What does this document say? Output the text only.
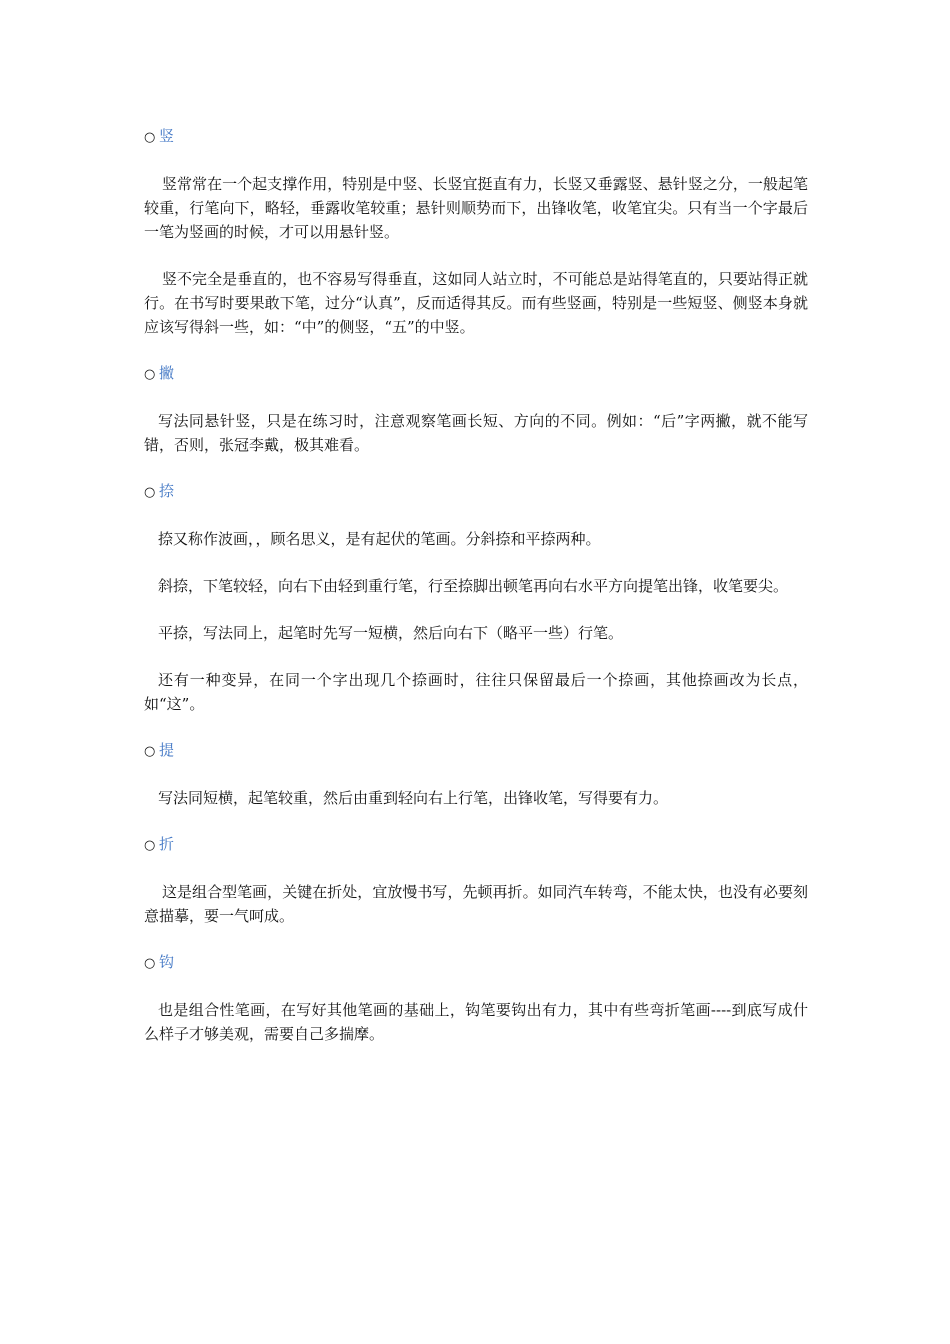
○ 竖

竖常常在一个起支撑作用，特别是中竖、长竖宜挺直有力，长竖又垂露竖、悬针竖之分，一般起笔较重，行笔向下，略轻，垂露收笔较重；悬针则顺势而下，出锋收笔，收笔宜尖。只有当一个字最后一笔为竖画的时候，才可以用悬针竖。

竖不完全是垂直的，也不容易写得垂直，这如同人站立时，不可能总是站得笔直的，只要站得正就行。在书写时要果敢下笔，过分“认真”，反而适得其反。而有些竖画，特别是一些短竖、侧竖本身就应该写得斜一些，如：“中”的侧竖，“五”的中竖。

○ 撇

写法同悬针竖，只是在练习时，注意观察笔画长短、方向的不同。例如：“后”字两撇，就不能写错，否则，张冠李戴，极其难看。

○ 捺

捺又称作波画，，顾名思义，是有起伏的笔画。分斜捺和平捺两种。

斜捺，下笔较轻，向右下由轻到重行笔，行至捺脚出顿笔再向右水平方向提笔出锋，收笔要尖。

平捺，写法同上，起笔时先写一短横，然后向右下（略平一些）行笔。

还有一种变异，在同一个字出现几个捺画时，往往只保留最后一个捺画，其他捺画改为长点，如“这”。

○ 提

写法同短横，起笔较重，然后由重到轻向右上行笔，出锋收笔，写得要有力。

○ 折

这是组合型笔画，关键在折处，宜放慢书写，先顿再折。如同汽车转弯，不能太快，也没有必要刻意描摹，要一气呵成。

○ 钩

也是组合性笔画，在写好其他笔画的基础上，钩笔要钩出有力，其中有些弯折笔画----到底写成什么样子才够美观，需要自己多揣摩。
